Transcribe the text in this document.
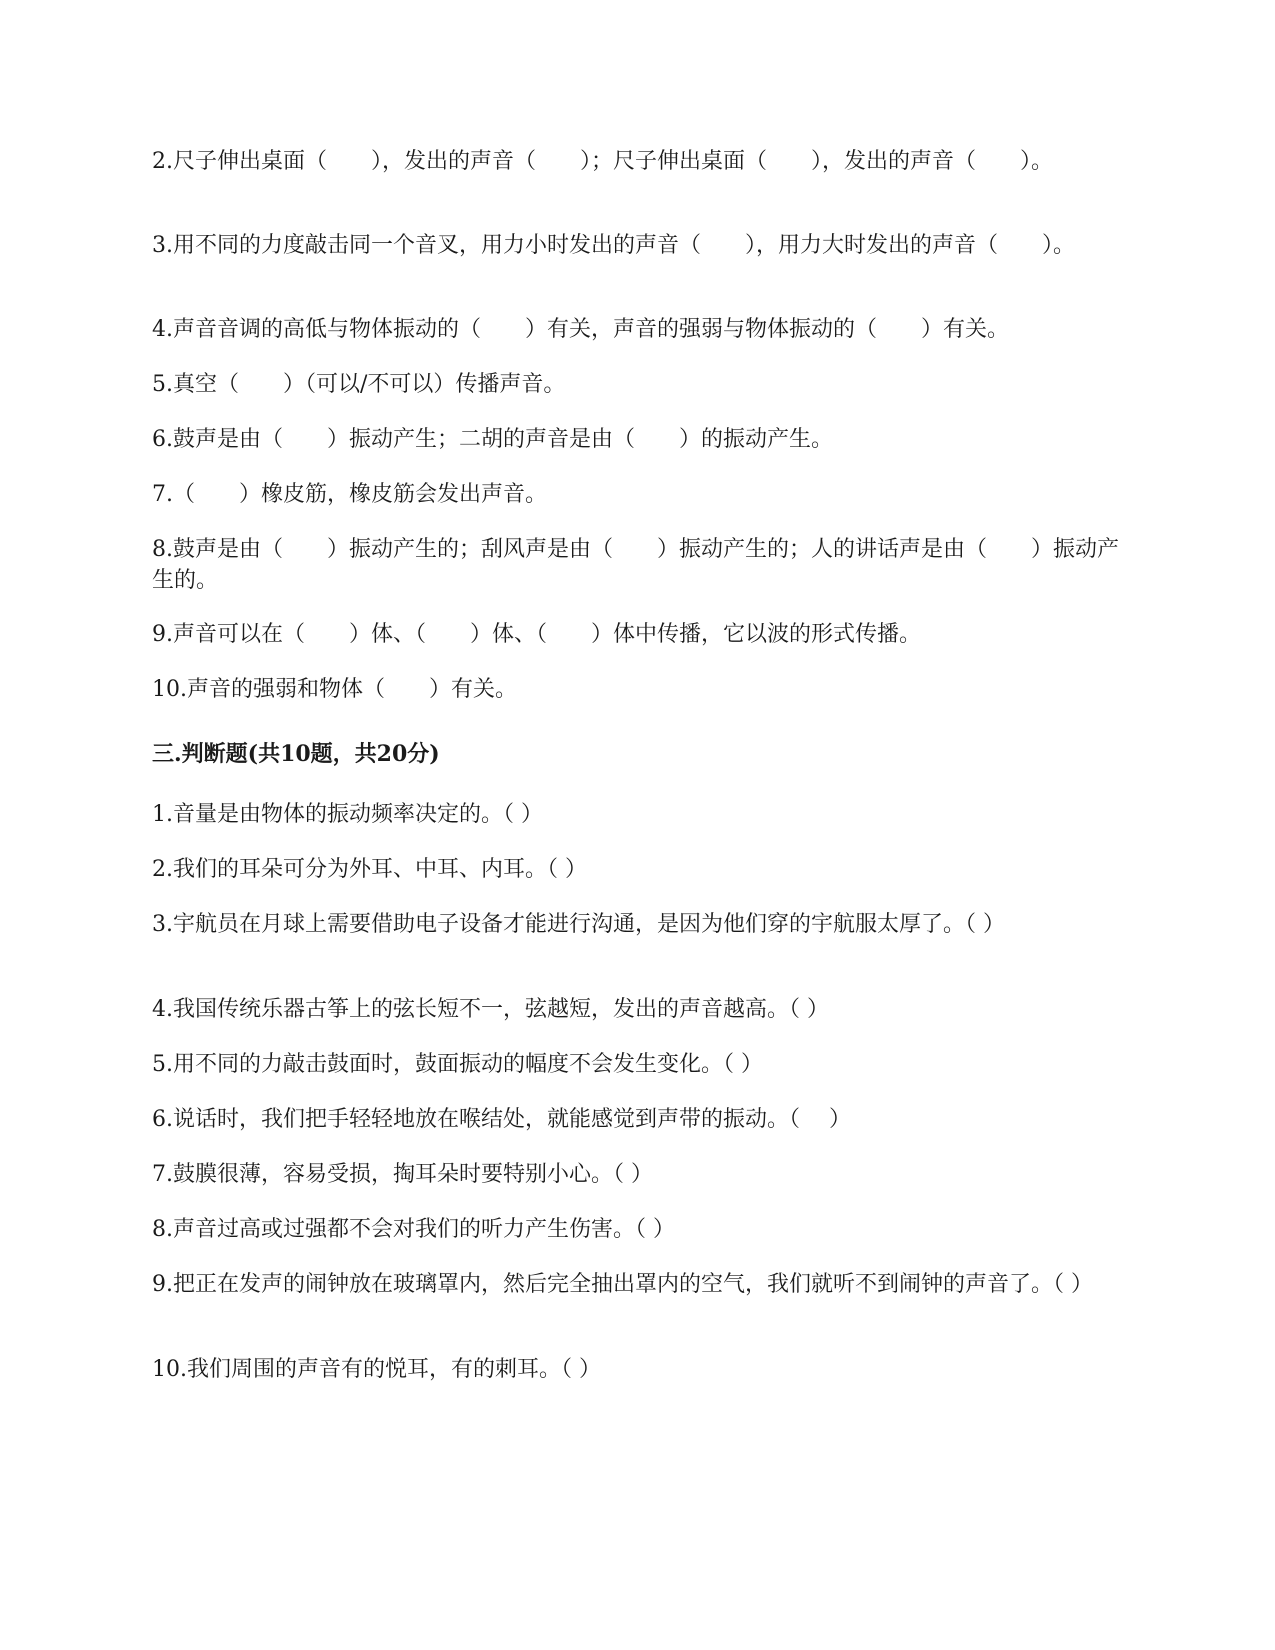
2.尺子伸出桌面（　　），发出的声音（　　）；尺子伸出桌面（　　），发出的声音（　　）。

3.用不同的力度敲击同一个音叉，用力小时发出的声音（　　），用力大时发出的声音（　　）。

4.声音音调的高低与物体振动的（　　）有关，声音的强弱与物体振动的（　　）有关。

5.真空（　　）（可以/不可以）传播声音。

6.鼓声是由（　　）振动产生；二胡的声音是由（　　）的振动产生。

7.（　　）橡皮筋，橡皮筋会发出声音。

8.鼓声是由（　　）振动产生的；刮风声是由（　　）振动产生的；人的讲话声是由（　　）振动产生的。

9.声音可以在（　　）体、（　　）体、（　　）体中传播，它以波的形式传播。

10.声音的强弱和物体（　　）有关。

三.判断题(共10题，共20分)

1.音量是由物体的振动频率决定的。（ ）

2.我们的耳朵可分为外耳、中耳、内耳。（ ）

3.宇航员在月球上需要借助电子设备才能进行沟通，是因为他们穿的宇航服太厚了。（ ）

4.我国传统乐器古筝上的弦长短不一，弦越短，发出的声音越高。（ ）

5.用不同的力敲击鼓面时，鼓面振动的幅度不会发生变化。（ ）

6.说话时，我们把手轻轻地放在喉结处，就能感觉到声带的振动。（　 ）

7.鼓膜很薄，容易受损，掏耳朵时要特别小心。（ ）

8.声音过高或过强都不会对我们的听力产生伤害。（ ）

9.把正在发声的闹钟放在玻璃罩内，然后完全抽出罩内的空气，我们就听不到闹钟的声音了。（ ）

10.我们周围的声音有的悦耳，有的刺耳。（ ）
